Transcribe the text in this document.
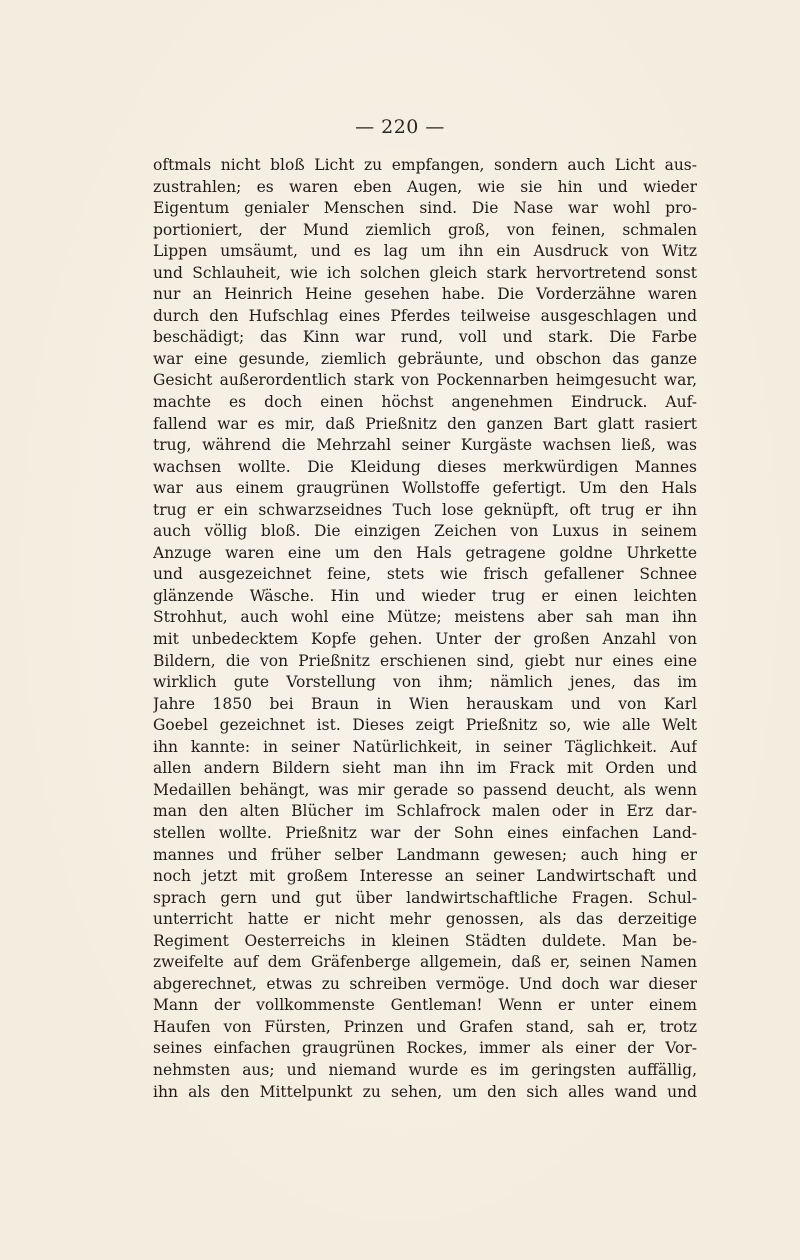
— 220 —
oftmals nicht bloß Licht zu empfangen, sondern auch Licht aus-
zustrahlen; es waren eben Augen, wie sie hin und wieder
Eigentum genialer Menschen sind. Die Nase war wohl pro-
portioniert, der Mund ziemlich groß, von feinen, schmalen
Lippen umsäumt, und es lag um ihn ein Ausdruck von Witz
und Schlauheit, wie ich solchen gleich stark hervortretend sonst
nur an Heinrich Heine gesehen habe. Die Vorderzähne waren
durch den Hufschlag eines Pferdes teilweise ausgeschlagen und
beschädigt; das Kinn war rund, voll und stark. Die Farbe
war eine gesunde, ziemlich gebräunte, und obschon das ganze
Gesicht außerordentlich stark von Pockennarben heimgesucht war,
machte es doch einen höchst angenehmen Eindruck. Auf-
fallend war es mir, daß Prießnitz den ganzen Bart glatt rasiert
trug, während die Mehrzahl seiner Kurgäste wachsen ließ, was
wachsen wollte. Die Kleidung dieses merkwürdigen Mannes
war aus einem graugrünen Wollstoffe gefertigt. Um den Hals
trug er ein schwarzseidnes Tuch lose geknüpft, oft trug er ihn
auch völlig bloß. Die einzigen Zeichen von Luxus in seinem
Anzuge waren eine um den Hals getragene goldne Uhrkette
und ausgezeichnet feine, stets wie frisch gefallener Schnee
glänzende Wäsche. Hin und wieder trug er einen leichten
Strohhut, auch wohl eine Mütze; meistens aber sah man ihn
mit unbedecktem Kopfe gehen. Unter der großen Anzahl von
Bildern, die von Prießnitz erschienen sind, giebt nur eines eine
wirklich gute Vorstellung von ihm; nämlich jenes, das im
Jahre 1850 bei Braun in Wien herauskam und von Karl
Goebel gezeichnet ist. Dieses zeigt Prießnitz so, wie alle Welt
ihn kannte: in seiner Natürlichkeit, in seiner Täglichkeit. Auf
allen andern Bildern sieht man ihn im Frack mit Orden und
Medaillen behängt, was mir gerade so passend deucht, als wenn
man den alten Blücher im Schlafrock malen oder in Erz dar-
stellen wollte. Prießnitz war der Sohn eines einfachen Land-
mannes und früher selber Landmann gewesen; auch hing er
noch jetzt mit großem Interesse an seiner Landwirtschaft und
sprach gern und gut über landwirtschaftliche Fragen. Schul-
unterricht hatte er nicht mehr genossen, als das derzeitige
Regiment Oesterreichs in kleinen Städten duldete. Man be-
zweifelte auf dem Gräfenberge allgemein, daß er, seinen Namen
abgerechnet, etwas zu schreiben vermöge. Und doch war dieser
Mann der vollkommenste Gentleman! Wenn er unter einem
Haufen von Fürsten, Prinzen und Grafen stand, sah er, trotz
seines einfachen graugrünen Rockes, immer als einer der Vor-
nehmsten aus; und niemand wurde es im geringsten auffällig,
ihn als den Mittelpunkt zu sehen, um den sich alles wand und
